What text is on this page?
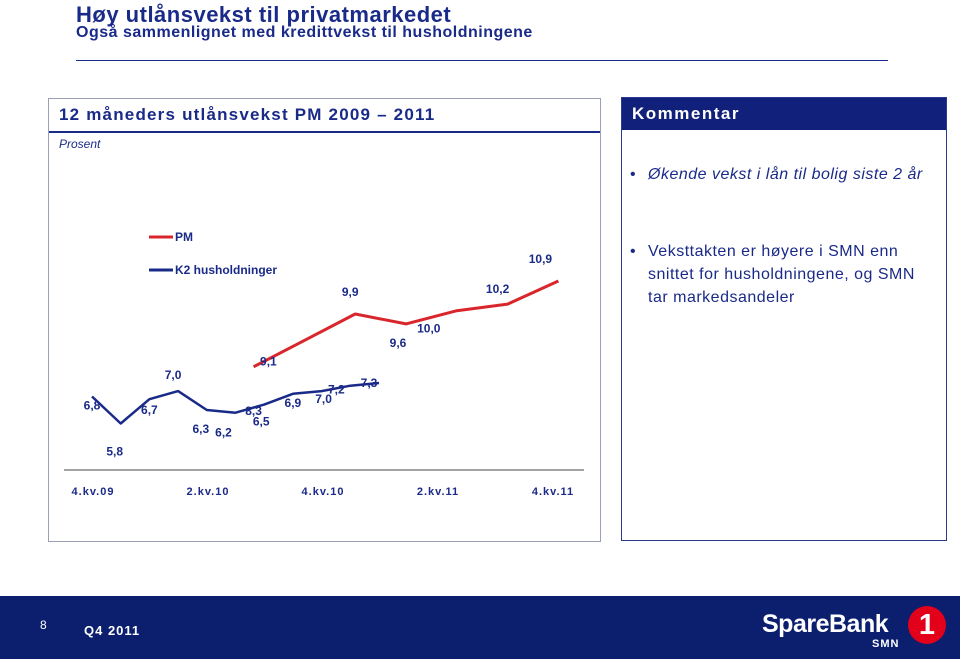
Høy utlånsvekst til privatmarkedet
Også sammenlignet med kredittvekst til husholdningene
12 måneders utlånsvekst PM 2009 – 2011
Prosent
4.kv.09	2.kv.10	4.kv.10	2.kv.11	4.kv.11
8,3
9,1
9,9
9,6
10,0
10,2
10,9
6,8
5,8
6,7
7,0
6,3 6,2
6,5
6,9 7,0
7,2 7,3
PM
K2 husholdninger
Kommentar
• Økende vekst i lån til bolig siste 2 år
• Veksttakten er høyere i SMN enn snittet for husholdningene, og SMN tar markedsandeler
8	Q4 2011	SpareBank
SMN
1
